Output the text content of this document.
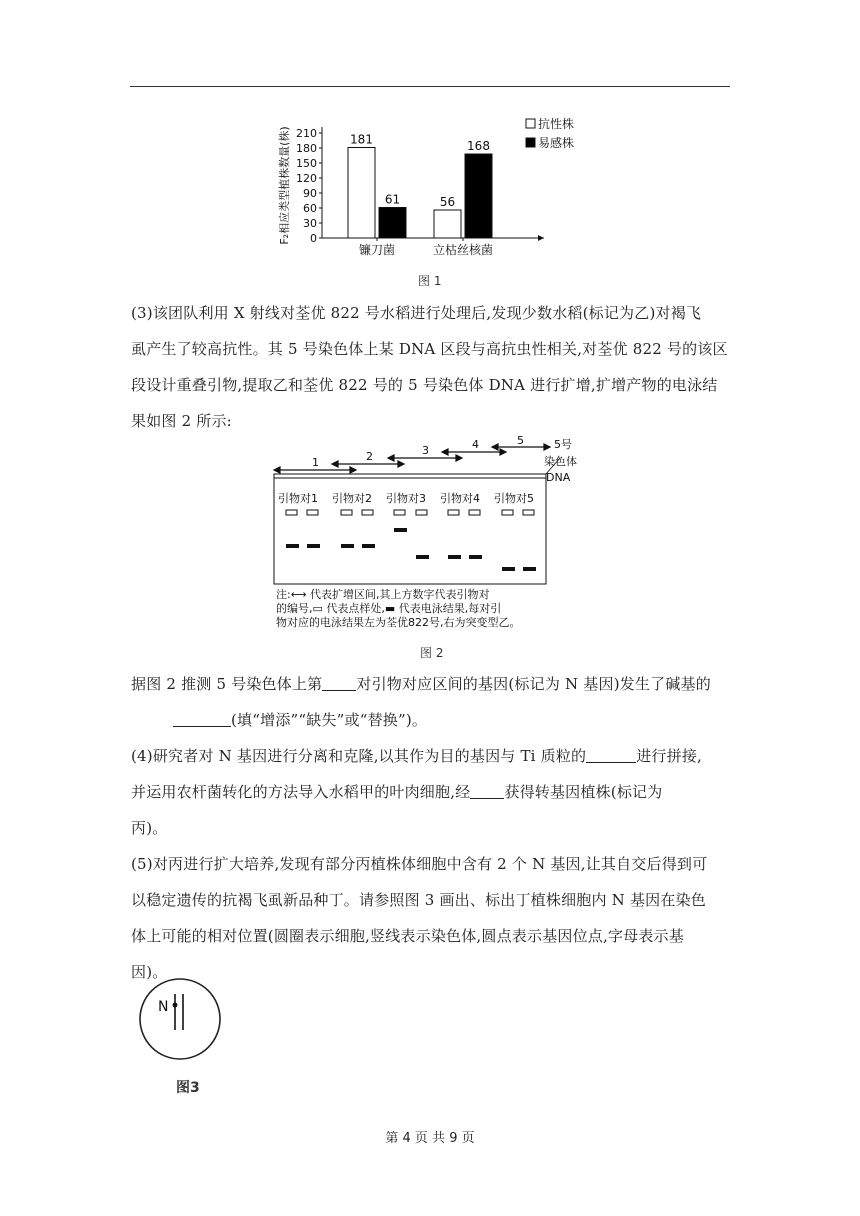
F₂相应类型植株数量(株) 0
30
60
90
120
150
180
210
镰刀菌	立枯丝核菌
181
61	56
168
抗性株
易感株
图 1
(3)该团队利用 X 射线对荃优 822 号水稻进行处理后,发现少数水稻(标记为乙)对褐飞
虱产生了较高抗性。其 5 号染色体上某 DNA 区段与高抗虫性相关,对荃优 822 号的该区
段设计重叠引物,提取乙和荃优 822 号的 5 号染色体 DNA 进行扩增,扩增产物的电泳结
果如图 2 所示:
1	2	3	4	5	5号
染色体
DNA
引物对1 引物对2 引物对3 引物对4 引物对5
注:⟷ 代表扩增区间,其上方数字代表引物对
的编号,▭ 代表点样处,▬ 代表电泳结果,每对引
物对应的电泳结果左为荃优822号,右为突变型乙。
图 2
据图 2 推测 5 号染色体上第 对引物对应区间的基因(标记为 N 基因)发生了碱基的
(填“增添”“缺失”或“替换”)。
(4)研究者对 N 基因进行分离和克隆,以其作为目的基因与 Ti 质粒的	进行拼接,
并运用农杆菌转化的方法导入水稻甲的叶肉细胞,经 获得转基因植株(标记为
丙)。
(5)对丙进行扩大培养,发现有部分丙植株体细胞中含有 2 个 N 基因,让其自交后得到可
以稳定遗传的抗褐飞虱新品种丁。请参照图 3 画出、标出丁植株细胞内 N 基因在染色
体上可能的相对位置(圆圈表示细胞,竖线表示染色体,圆点表示基因位点,字母表示基
因)。
N
图3
第 4 页 共 9 页
